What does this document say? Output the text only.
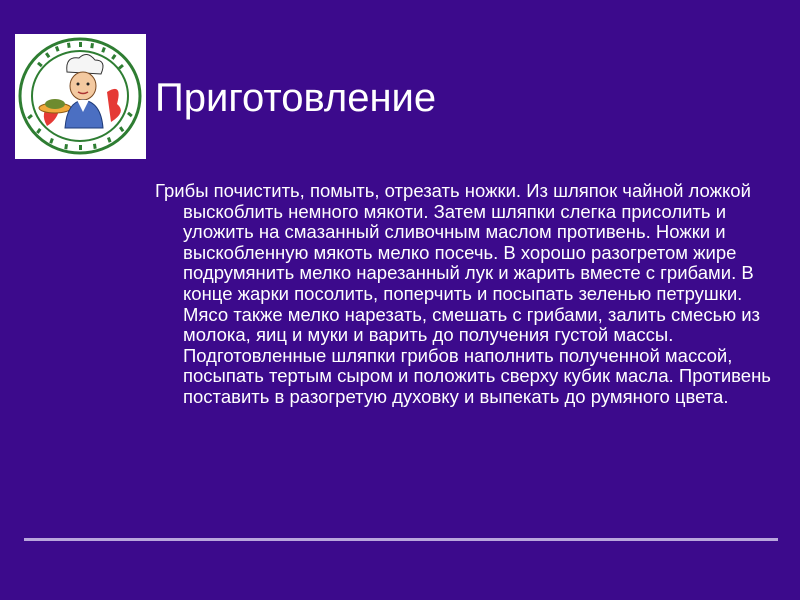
Приготовление

Грибы почистить, помыть, отрезать ножки. Из шляпок чайной ложкой выскоблить немного мякоти. Затем шляпки слегка присолить и уложить на смазанный сливочным маслом противень. Ножки и выскобленную мякоть мелко посечь. В хорошо разогретом жире подрумянить мелко нарезанный лук и жарить вместе с грибами. В конце жарки посолить, поперчить и посыпать зеленью петрушки. Мясо также мелко нарезать, смешать с грибами, залить смесью из молока, яиц и муки и варить до получения густой массы. Подготовленные шляпки грибов наполнить полученной массой, посыпать тертым сыром и положить сверху кубик масла. Противень поставить в разогретую духовку и выпекать до румяного цвета.
